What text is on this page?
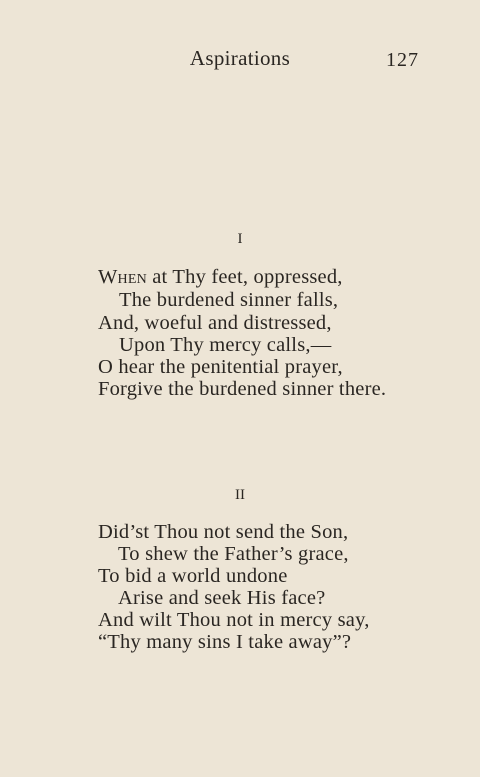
Aspirations	127
I
When at Thy feet, oppressed,
The burdened sinner falls,
And, woeful and distressed,
Upon Thy mercy calls,—
O hear the penitential prayer,
Forgive the burdened sinner there.
II
Did’st Thou not send the Son,
To shew the Father’s grace,
To bid a world undone
Arise and seek His face?
And wilt Thou not in mercy say,
“Thy many sins I take away”?
